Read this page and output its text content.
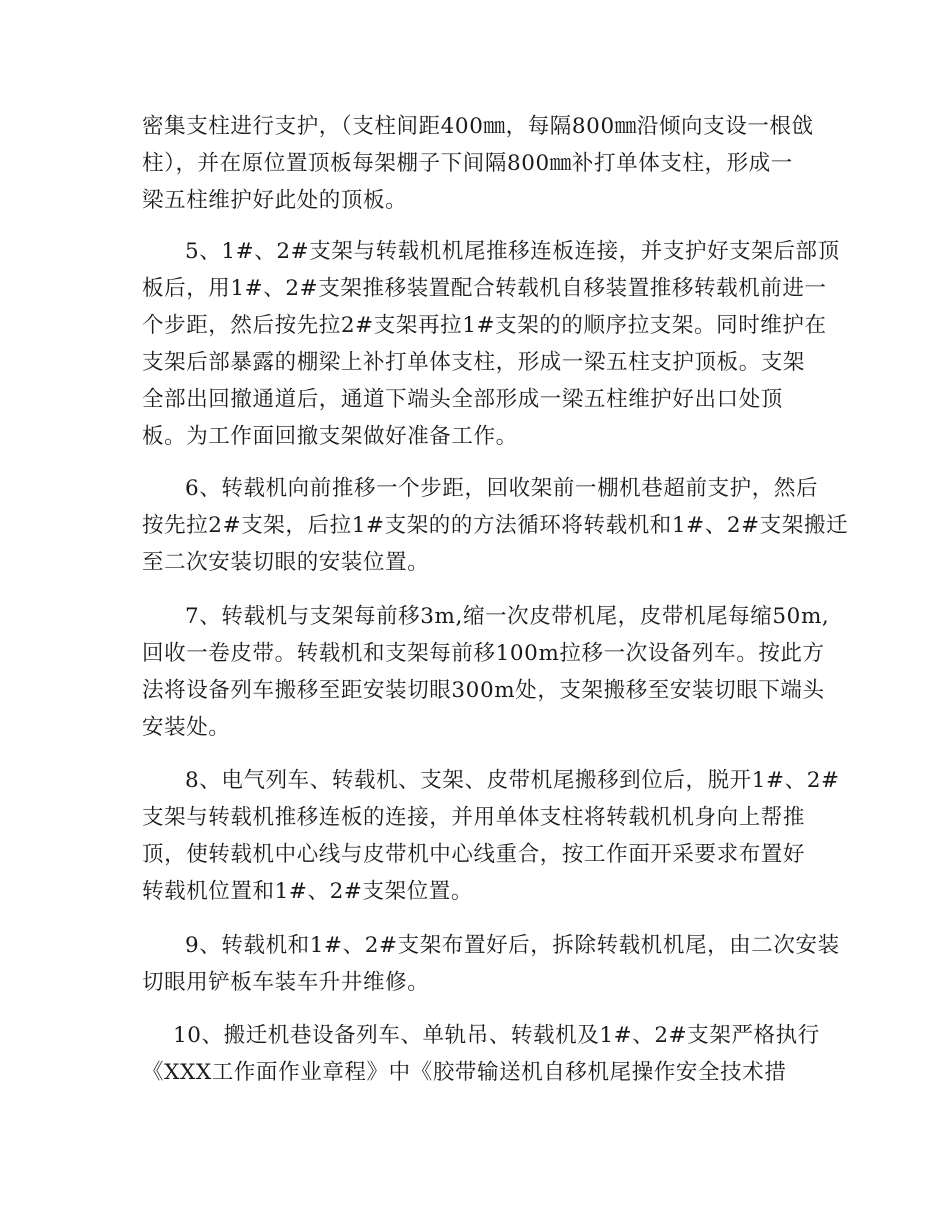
密集支柱进行支护，（支柱间距400㎜，每隔800㎜沿倾向支设一根戗
柱），并在原位置顶板每架棚子下间隔800㎜补打单体支柱，形成一
梁五柱维护好此处的顶板。
5、1#、2#支架与转载机机尾推移连板连接，并支护好支架后部顶
板后，用1#、2#支架推移装置配合转载机自移装置推移转载机前进一
个步距，然后按先拉2#支架再拉1#支架的的顺序拉支架。同时维护在
支架后部暴露的棚梁上补打单体支柱，形成一梁五柱支护顶板。支架
全部出回撤通道后，通道下端头全部形成一梁五柱维护好出口处顶
板。为工作面回撤支架做好准备工作。
6、转载机向前推移一个步距，回收架前一棚机巷超前支护，然后
按先拉2#支架，后拉1#支架的的方法循环将转载机和1#、2#支架搬迁
至二次安装切眼的安装位置。
7、转载机与支架每前移3m,缩一次皮带机尾，皮带机尾每缩50m,
回收一卷皮带。转载机和支架每前移100m拉移一次设备列车。按此方
法将设备列车搬移至距安装切眼300m处，支架搬移至安装切眼下端头
安装处。
8、电气列车、转载机、支架、皮带机尾搬移到位后，脱开1#、2#
支架与转载机推移连板的连接，并用单体支柱将转载机机身向上帮推
顶，使转载机中心线与皮带机中心线重合，按工作面开采要求布置好
转载机位置和1#、2#支架位置。
9、转载机和1#、2#支架布置好后，拆除转载机机尾，由二次安装
切眼用铲板车装车升井维修。
10、搬迁机巷设备列车、单轨吊、转载机及1#、2#支架严格执行
《XXX工作面作业章程》中《胶带输送机自移机尾操作安全技术措
